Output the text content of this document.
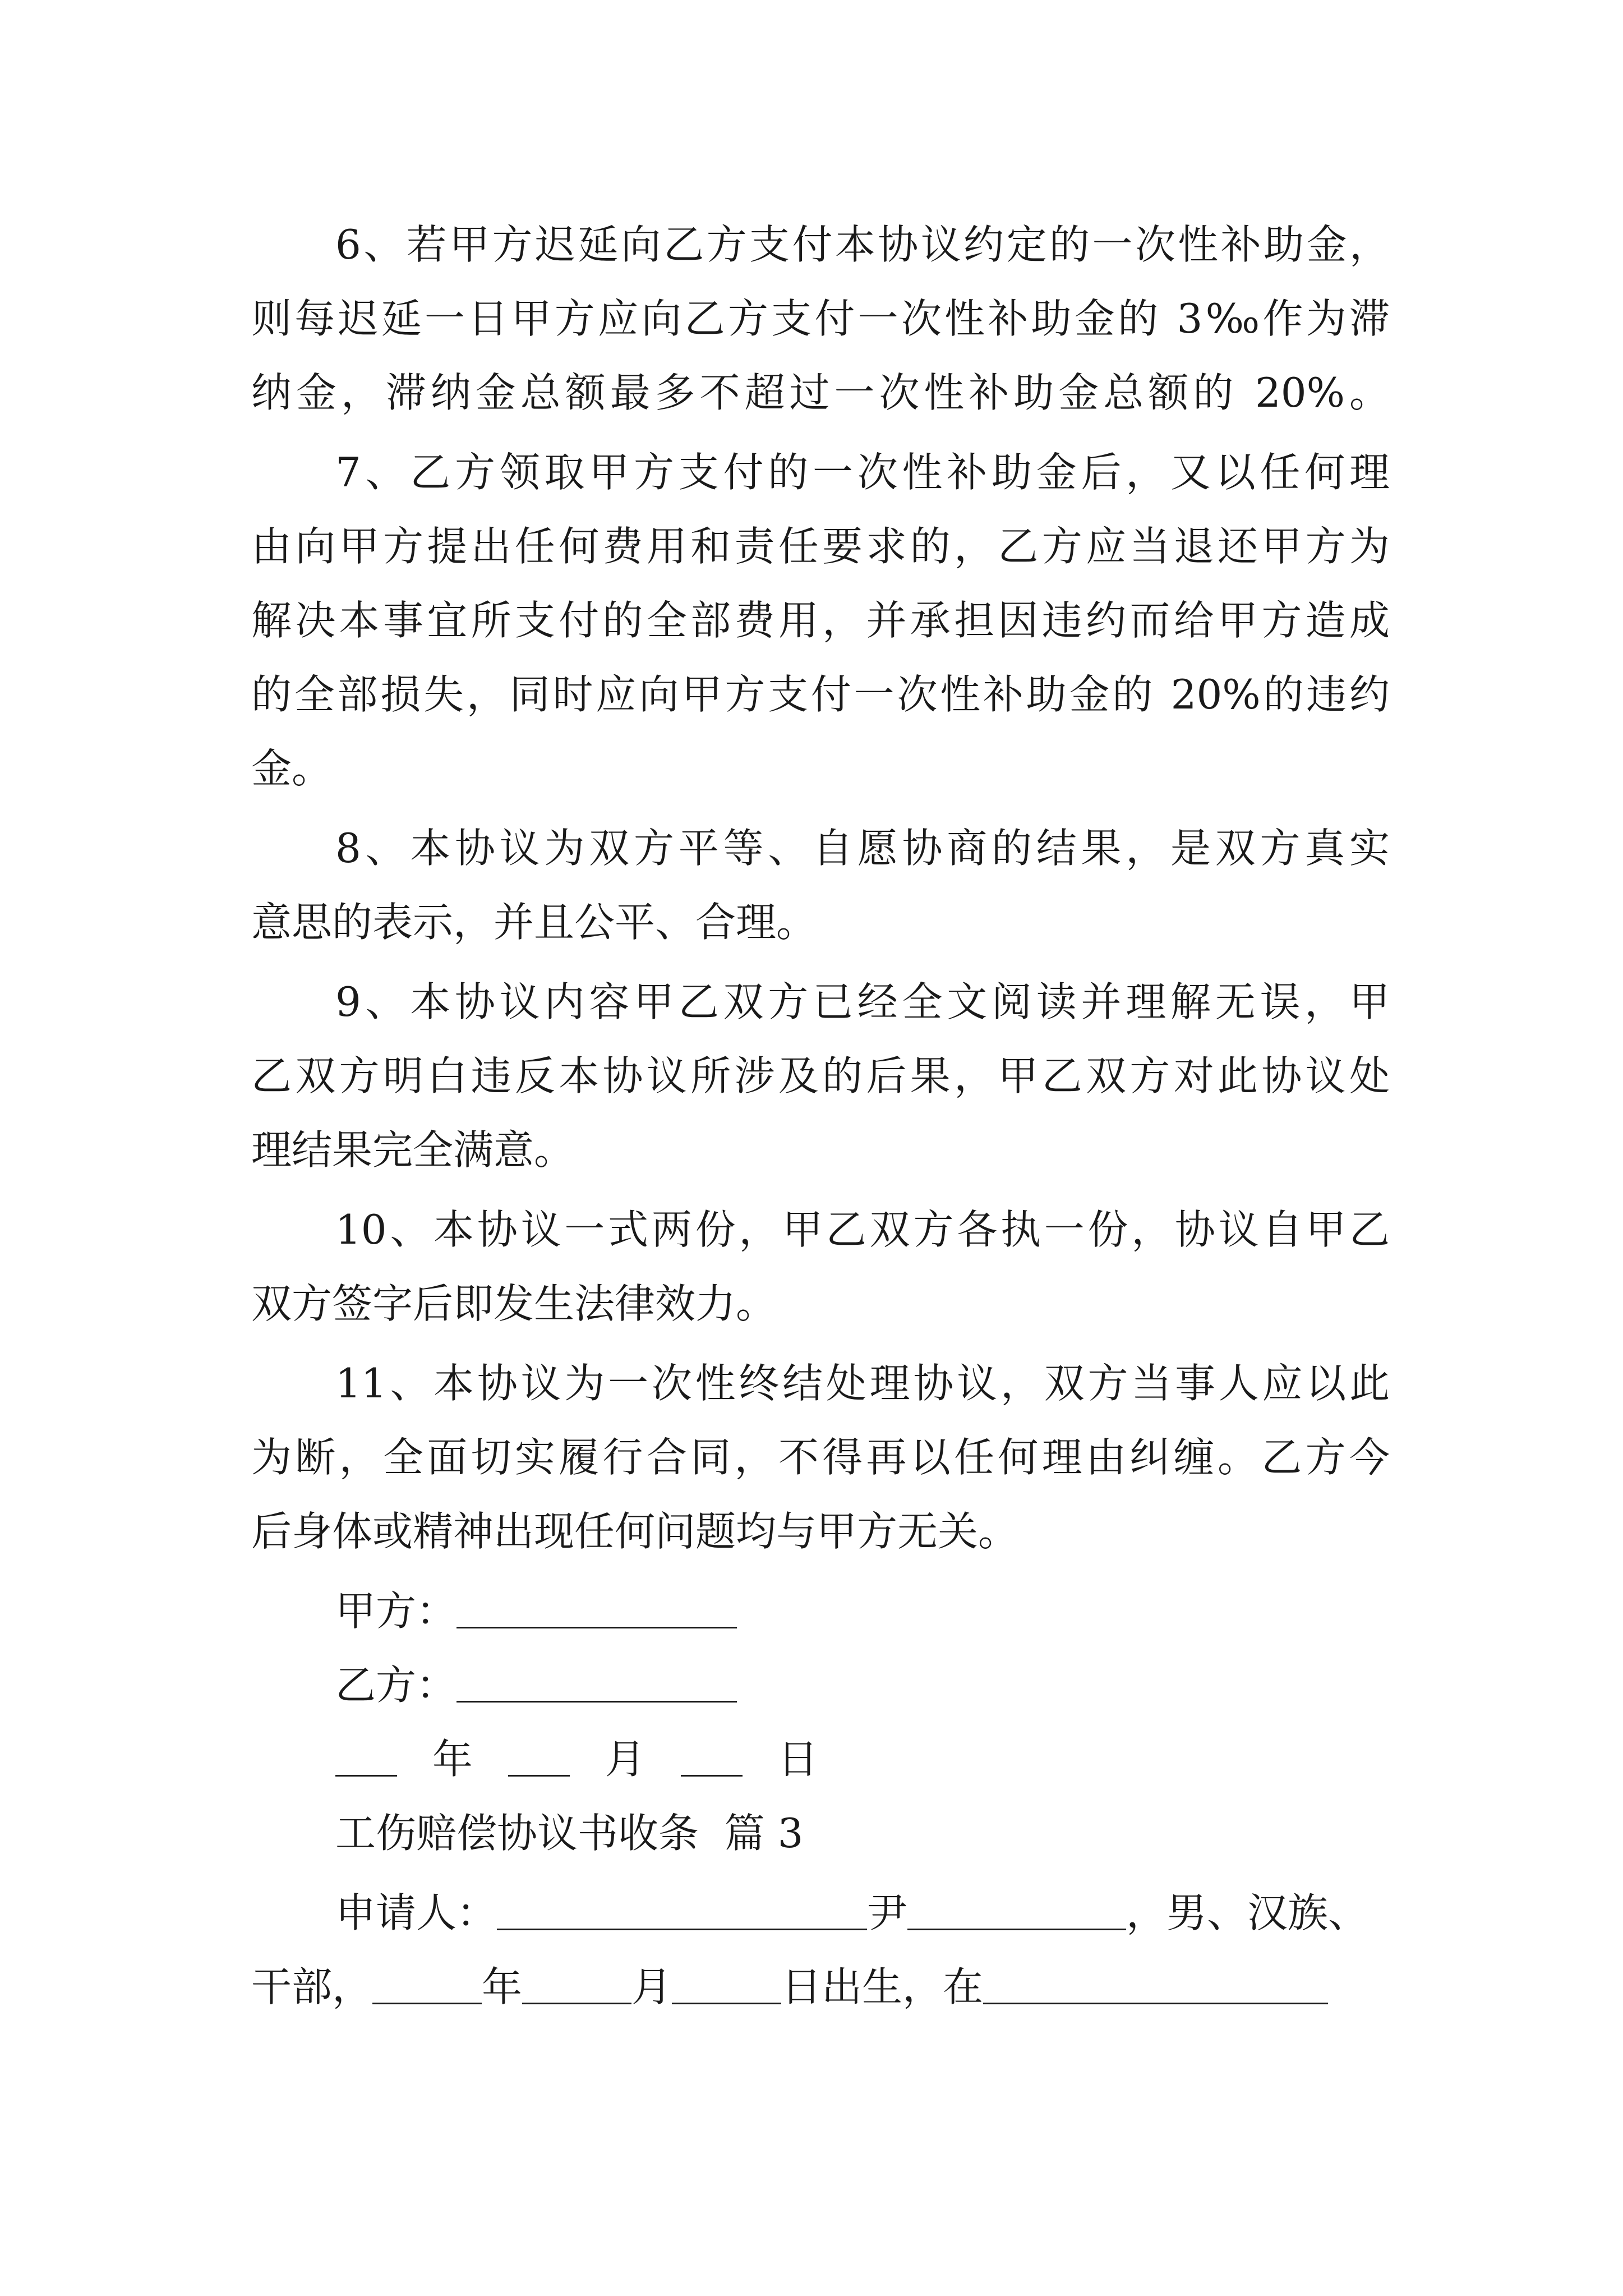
6、若甲方迟延向乙方支付本协议约定的一次性补助金，
则每迟延一日甲方应向乙方支付一次性补助金的 3‰作为滞
纳金，滞纳金总额最多不超过一次性补助金总额的 20%。
7、乙方领取甲方支付的一次性补助金后，又以任何理
由向甲方提出任何费用和责任要求的，乙方应当退还甲方为
解决本事宜所支付的全部费用，并承担因违约而给甲方造成
的全部损失，同时应向甲方支付一次性补助金的 20%的违约
金。
8、本协议为双方平等、自愿协商的结果，是双方真实
意思的表示，并且公平、合理。
9、本协议内容甲乙双方已经全文阅读并理解无误，甲
乙双方明白违反本协议所涉及的后果，甲乙双方对此协议处
理结果完全满意。
10、本协议一式两份，甲乙双方各执一份，协议自甲乙
双方签字后即发生法律效力。
11、本协议为一次性终结处理协议，双方当事人应以此
为断，全面切实履行合同，不得再以任何理由纠缠。乙方今
后身体或精神出现任何问题均与甲方无关。
甲方：
乙方：
年	月	日
工伤赔偿协议书收条  篇 3
申请人：	尹	，男、汉族、
干部，	年	月	日出生，在
